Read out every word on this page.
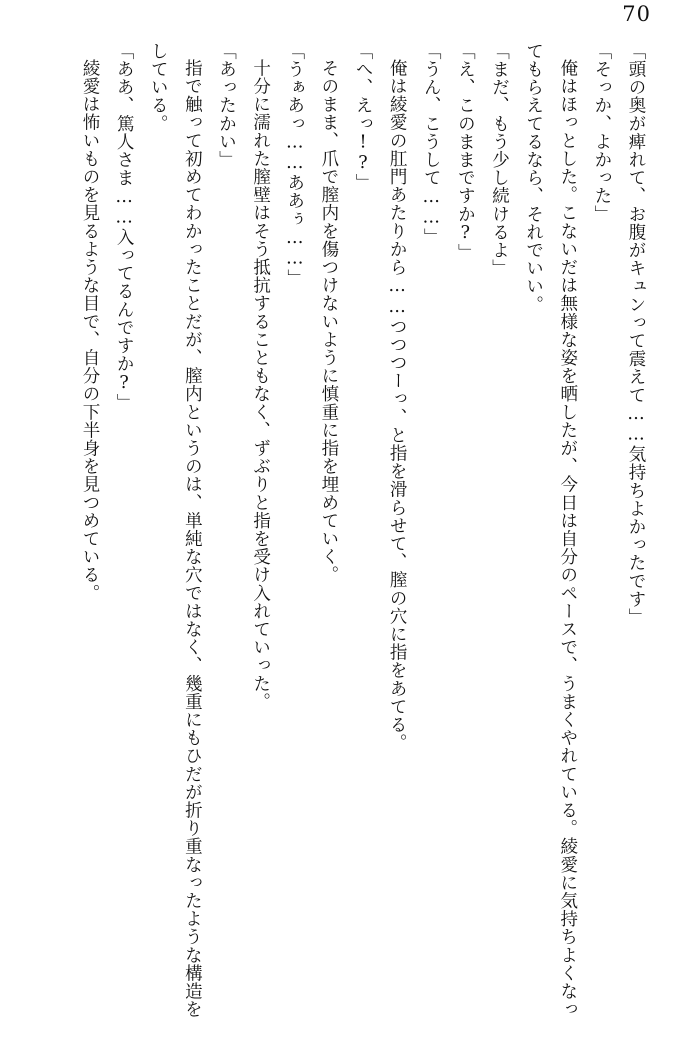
70

「頭の奥が痺れて、お腹がキュンって震えて……気持ちよかったです」

「そっか、よかった」

俺はほっとした。こないだは無様な姿を晒したが、今日は自分のペースで、うまくやれている。綾愛に気持ちよくなってもらえてるなら、それでいい。

「まだ、もう少し続けるよ」

「え、このままですか?」

「うん、こうして……」

俺は綾愛の肛門あたりから……つつつーっ、と指を滑らせて、膣の穴に指をあてる。

「へ、えっ!?」

そのまま、爪で膣内を傷つけないように慎重に指を埋めていく。

「うぁあっ……ああぅ……」

十分に濡れた膣壁はそう抵抗することもなく、ずぶりと指を受け入れていった。

「あったかい」

指で触って初めてわかったことだが、膣内というのは、単純な穴ではなく、幾重にもひだが折り重なったような構造をしている。

「ああ、篤人さま……入ってるんですか?」

綾愛は怖いものを見るような目で、自分の下半身を見つめている。
